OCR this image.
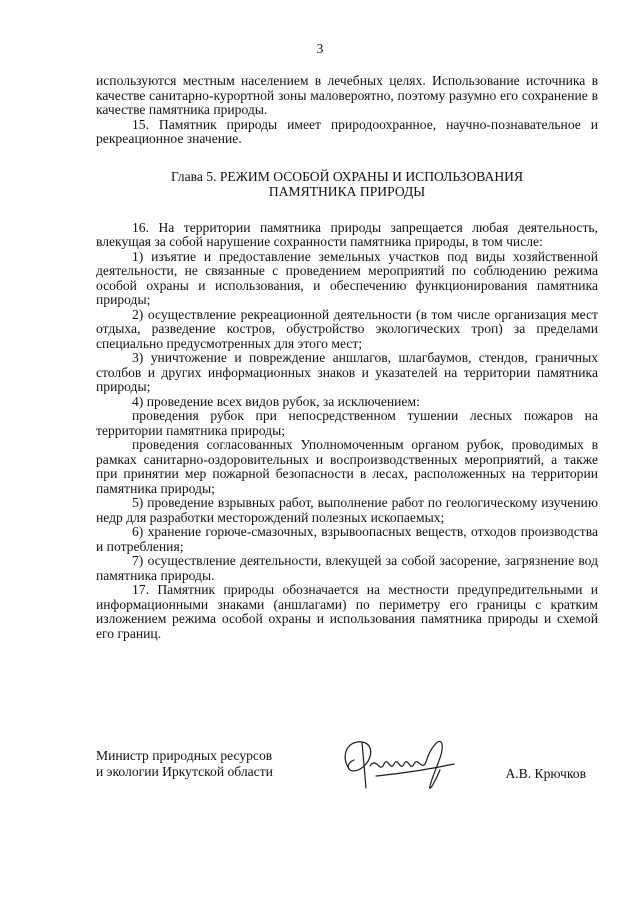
3

используются местным населением в лечебных целях. Использование источника в качестве санитарно-курортной зоны маловероятно, поэтому разумно его сохранение в качестве памятника природы.

15. Памятник природы имеет природоохранное, научно-познавательное и рекреационное значение.

Глава 5. РЕЖИМ ОСОБОЙ ОХРАНЫ И ИСПОЛЬЗОВАНИЯ
ПАМЯТНИКА ПРИРОДЫ

16. На территории памятника природы запрещается любая деятельность, влекущая за собой нарушение сохранности памятника природы, в том числе:

1) изъятие и предоставление земельных участков под виды хозяйственной деятельности, не связанные с проведением мероприятий по соблюдению режима особой охраны и использования, и обеспечению функционирования памятника природы;

2) осуществление рекреационной деятельности (в том числе организация мест отдыха, разведение костров, обустройство экологических троп) за пределами специально предусмотренных для этого мест;

3) уничтожение и повреждение аншлагов, шлагбаумов, стендов, граничных столбов и других информационных знаков и указателей на территории памятника природы;

4) проведение всех видов рубок, за исключением:

проведения рубок при непосредственном тушении лесных пожаров на территории памятника природы;

проведения согласованных Уполномоченным органом рубок, проводимых в рамках санитарно-оздоровительных и воспроизводственных мероприятий, а также при принятии мер пожарной безопасности в лесах, расположенных на территории памятника природы;

5) проведение взрывных работ, выполнение работ по геологическому изучению недр для разработки месторождений полезных ископаемых;

6) хранение горюче-смазочных, взрывоопасных веществ, отходов производства и потребления;

7) осуществление деятельности, влекущей за собой засорение, загрязнение вод памятника природы.

17. Памятник природы обозначается на местности предупредительными и информационными знаками (аншлагами) по периметру его границы с кратким изложением режима особой охраны и использования памятника природы и схемой его границ.

Министр природных ресурсов
и экологии Иркутской области	А.В. Крючков
